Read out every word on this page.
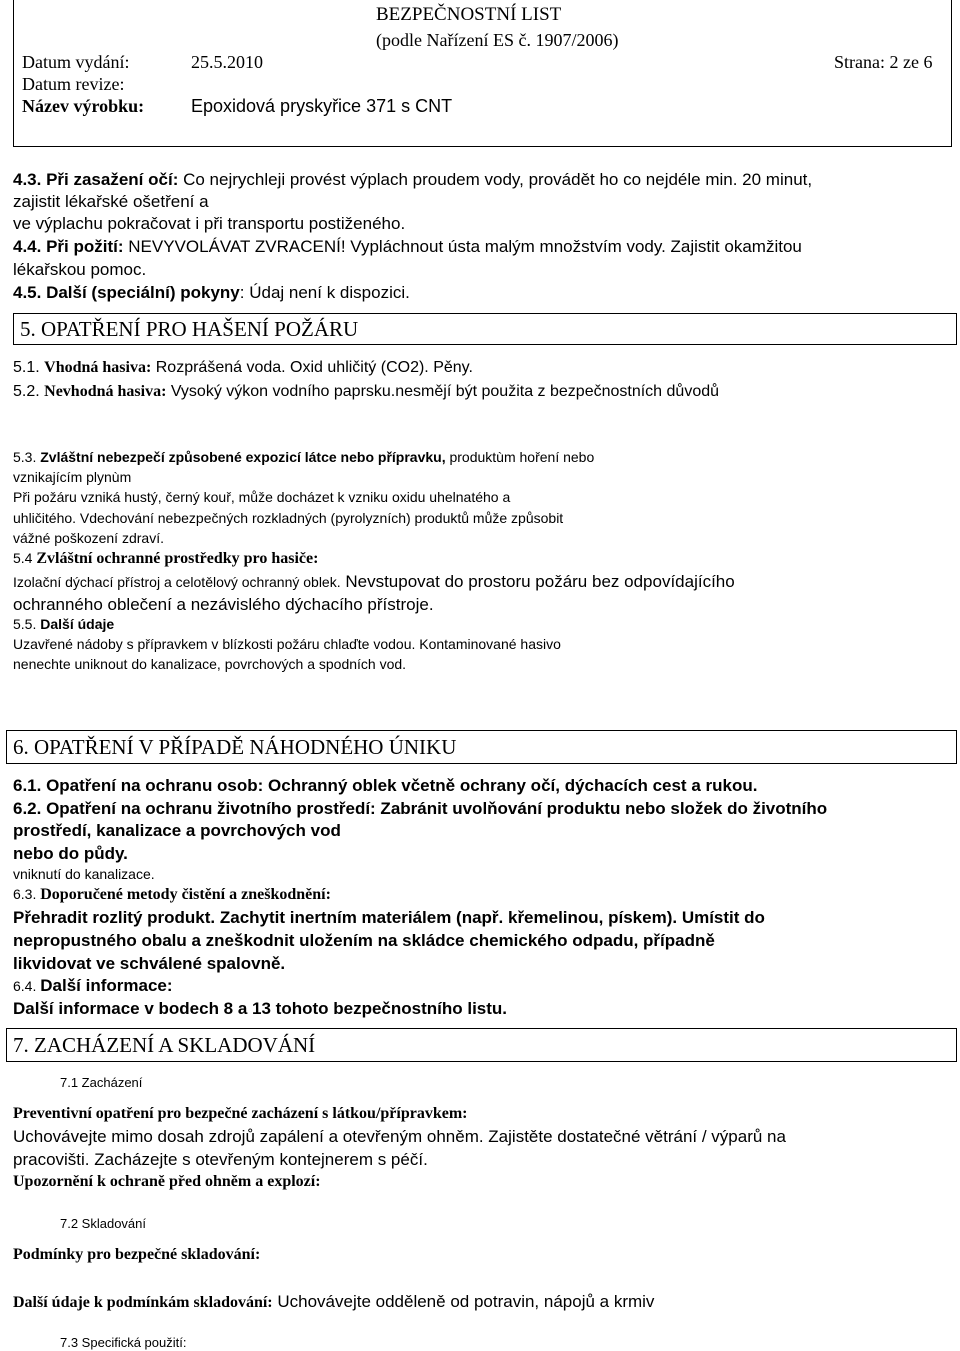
BEZPEČNOSTNÍ LIST
(podle Nařízení ES č. 1907/2006)
Datum vydání:	25.5.2010	Strana: 2 ze 6
Datum revize:
Název výrobku:	Epoxidová pryskyřice 371 s CNT
4.3. Při zasažení očí: Co nejrychleji provést výplach proudem vody, provádět ho co nejdéle min. 20 minut,
zajistit lékařské ošetření a
ve výplachu pokračovat i při transportu postiženého.
4.4. Při požití: NEVYVOLÁVAT ZVRACENÍ! Vypláchnout ústa malým množstvím vody. Zajistit okamžitou
lékařskou pomoc.
4.5. Další (speciální) pokyny: Údaj není k dispozici.
5. OPATŘENÍ PRO HAŠENÍ POŽÁRU
5.1. Vhodná hasiva: Rozprášená voda. Oxid uhličitý (CO2). Pěny.
5.2. Nevhodná hasiva: Vysoký výkon vodního paprsku.nesmějí být použita z bezpečnostních důvodů
5.3. Zvláštní nebezpečí způsobené expozicí látce nebo přípravku, produktùm hoření nebo
vznikajícím plynùm
Při požáru vzniká hustý, černý kouř, může docházet k vzniku oxidu uhelnatého a
uhličitého. Vdechování nebezpečných rozkladných (pyrolyzních) produktů může způsobit
vážné poškození zdraví.
5.4 Zvláštní ochranné prostředky pro hasiče:
Izolační dýchací přístroj a celotělový ochranný oblek. Nevstupovat do prostoru požáru bez odpovídajícího
ochranného oblečení a nezávislého dýchacího přístroje.
5.5. Další údaje
Uzavřené nádoby s přípravkem v blízkosti požáru chlaďte vodou. Kontaminované hasivo
nenechte uniknout do kanalizace, povrchových a spodních vod.
6. OPATŘENÍ V PŘÍPADĚ NÁHODNÉHO ÚNIKU
6.1. Opatření na ochranu osob: Ochranný oblek včetně ochrany očí, dýchacích cest a rukou.
6.2. Opatření na ochranu životního prostředí: Zabránit uvolňování produktu nebo složek do životního
prostředí, kanalizace a povrchových vod
nebo do půdy.
vniknutí do kanalizace.
6.3. Doporučené metody čistění a zneškodnění:
Přehradit rozlitý produkt. Zachytit inertním materiálem (např. křemelinou, pískem). Umístit do
nepropustného obalu a zneškodnit uložením na skládce chemického odpadu, případně
likvidovat ve schválené spalovně.
6.4. Další informace:
Další informace v bodech 8 a 13 tohoto bezpečnostního listu.
7. ZACHÁZENÍ A SKLADOVÁNÍ
7.1 Zacházení
Preventivní opatření pro bezpečné zacházení s látkou/přípravkem:
Uchovávejte mimo dosah zdrojů zapálení a otevřeným ohněm. Zajistěte dostatečné větrání / výparů na
pracovišti. Zacházejte s otevřeným kontejnerem s péčí.
Upozornění k ochraně před ohněm a explozí:
7.2 Skladování
Podmínky pro bezpečné skladování:
Další údaje k podmínkám skladování: Uchovávejte odděleně od potravin, nápojů a krmiv
7.3 Specifická použití:
